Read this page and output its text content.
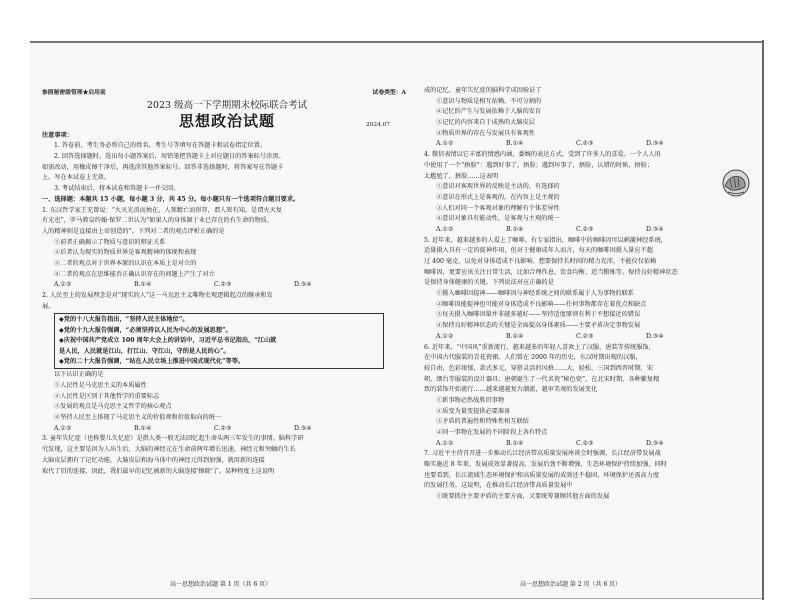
参照秘密级管理★启用前	试卷类型：A
2023 级高一下学期期末校际联合考试
思想政治试题	2024.07
注意事项：
1. 答卷前，考生务必将自己的姓名、考生号等填写在答题卡和试卷指定位置。
2. 回答选择题时，选出每小题答案后，用铅笔把答题卡上对应题目的答案标号涂黑。
如需改动，用橡皮擦干净后，再选涂其他答案标号。回答非选择题时，将答案写在答题卡
上。写在本试卷上无效。
3. 考试结束后，将本试卷和答题卡一并交回。
一、选择题：本题共 15 小题，每小题 3 分，共 45 分。每小题只有一个选项符合题目要求。
1. 东汉哲学家王充曾说：“火灭光消而烛在，人死精亡而形存，谓人死有知，是谓火灭复
有光也”，罗马教皇约翰·保罗二世认为“如果人的身体源于业已存在的有生命的物质，
人的精神则是直接由上帝创造的”。下列对二者的观点评析正确的是
①前者正确揭示了物质与意识的辩证关系
②后者认为现实的物质世界是客观精神的体现和表现
③二者的观点对于世界本原的认识在本质上是对立的
④二者的观点在思维能否正确认识存在的问题上产生了对立
A.①②	B.①④	C.②③	D.③④
2. 人民至上的发展理念是对“现实的人”这一马克思主义唯物史观逻辑起点的继承和发
展。
◆党的十八大报告指出，“坚持人民主体地位”。
◆党的十九大报告强调，“必须坚持以人民为中心的发展思想”。
◆庆祝中国共产党成立 100 周年大会上的讲话中，习近平总书记指出，“江山就
是人民，人民就是江山，打江山、守江山，守的是人民的心”。
◆党的二十大报告强调，“站在人民立场上推进中国式现代化”等等。
以下认识正确的是
①人民性是马克思主义的本质属性
②人民性是区别于其他哲学的重要标志
③发展的观点是马克思主义哲学的核心观点
④坚持人民至上体现了马克思主义的价值观和价值取向的统一
A.①②	B.①④	C.②③	D.③④
3. 童年失忆症（也称婴儿失忆症）是指人类一般无法回忆起生命头两三年发生的事情。脑科学研
究发现，这主要是因为人出生后，大脑的神经元在生命前两年增长迅速，神经元和突触的生长
大脑皮层拥有了记忆功能。大脑皮层和海马体中的神经元得到加强，就用新的连接
取代了旧的连接，因此，我们最早的记忆被新的大脑连接'擦除'了。某种程度上这说明
成的记忆。童年失忆症的脑科学成因验证了
①意识与物质是相互依赖、不可分割的
②记忆的产生与发展依赖于人脑的发育
③记忆的内容来自于成熟的大脑皮层
④物质世界的存在与发展具有客观性
A.①②	B.①④	C.②③	D.③④
4. 微信表情以它丰富的情感内涵，委婉的表达方式，受到了许多人的喜爱。一个人人用
中使用了一个“捂脸”：遇到好事了，捂脸；遇到坏事了，捂脸，认错的时候，捂脸；
太尴尬了，捂脸……这表明
①意识对客观世界的反映是主动的、有选择的
②意识在形式上是客观的，在内容上是主观的
③人们对同一个客观对象的理解有个体差异性
④意识对象具有能动性，是客观与主观的统一
A.①②	B.①④	C.②③	D.③④
5. 近年来，越来越多的人爱上了咖啡。有专家指出，咖啡中的咖啡因可以刺激神经系统，
适量摄入具有一定的提神作用，但对于健康成年人而言，每天的咖啡因摄入量应不超
过 400 毫克，以免对身体造成不良影响。想要保持长时间的精力充沛，不能仅仅依赖
咖啡因，更要应该关注日常生活，比如合理作息、饮食均衡、适当锻炼等。保持良好精神状态
是保持身体健康的关键。下列说法对应正确的是
①摄入咖啡因提神——咖啡因与神经系统之间的联系属于人为事物的联系
②咖啡因能提神也可能对身体造成不良影响——任何事物都存在着优点和缺点
③每天摄入咖啡因量并非越多越好——坚持适度原则有利于不想接近的错误
④保持良好精神状态的关键是全面提高身体素质——主要矛盾决定事物发展
A.①②	B.①④	C.②③	D.③④
6. 近年来，“中国风”重新流行，越来越多的年轻人喜欢上了汉服、唐装等传统服饰，
在中国古代服装的青花瓷裙。人们曾在 2000 年的历史，东汉时期出现的汉服，
较自由，色彩浓郁，款式多元，穿搭灵活的风格……大，轻松、三国到西晋时期，宋
朝，细台等服装的设计器具；唐朝诞生了一代名瓷“秘色瓷”，在北宋时期，各种繁复精
致的装饰开始流行……越来越越复古潮流，越审美观的发展变化
①新事物必然战胜旧事物
②质变为量变提供必要准备
③矛盾的普遍性和特殊性相互联结
④同一事物在发展的不同阶段上各有特点
A.①②	B.①④	C.②③	D.③④
7. 习近平主持召开进一步推动长江经济带高质量发展座谈会时强调，长江经济带发展战
略实施近 8 年来，发展成效显著提高，发展后劲不断增强，生态环境保护持续加强，同时
也要看到，长江流域生态环境保护和高质量发展的成效还不稳固，环境保护还需高力度
的发展任务。这说明，在推动长江经济带高质量发展中
①既要抓住主要矛盾的主要方面，又要统筹兼顾其他方面的发展
高一思想政治试题 第 1 页（共 6 页）	高一思想政治试题 第 2 页（共 6 页）
